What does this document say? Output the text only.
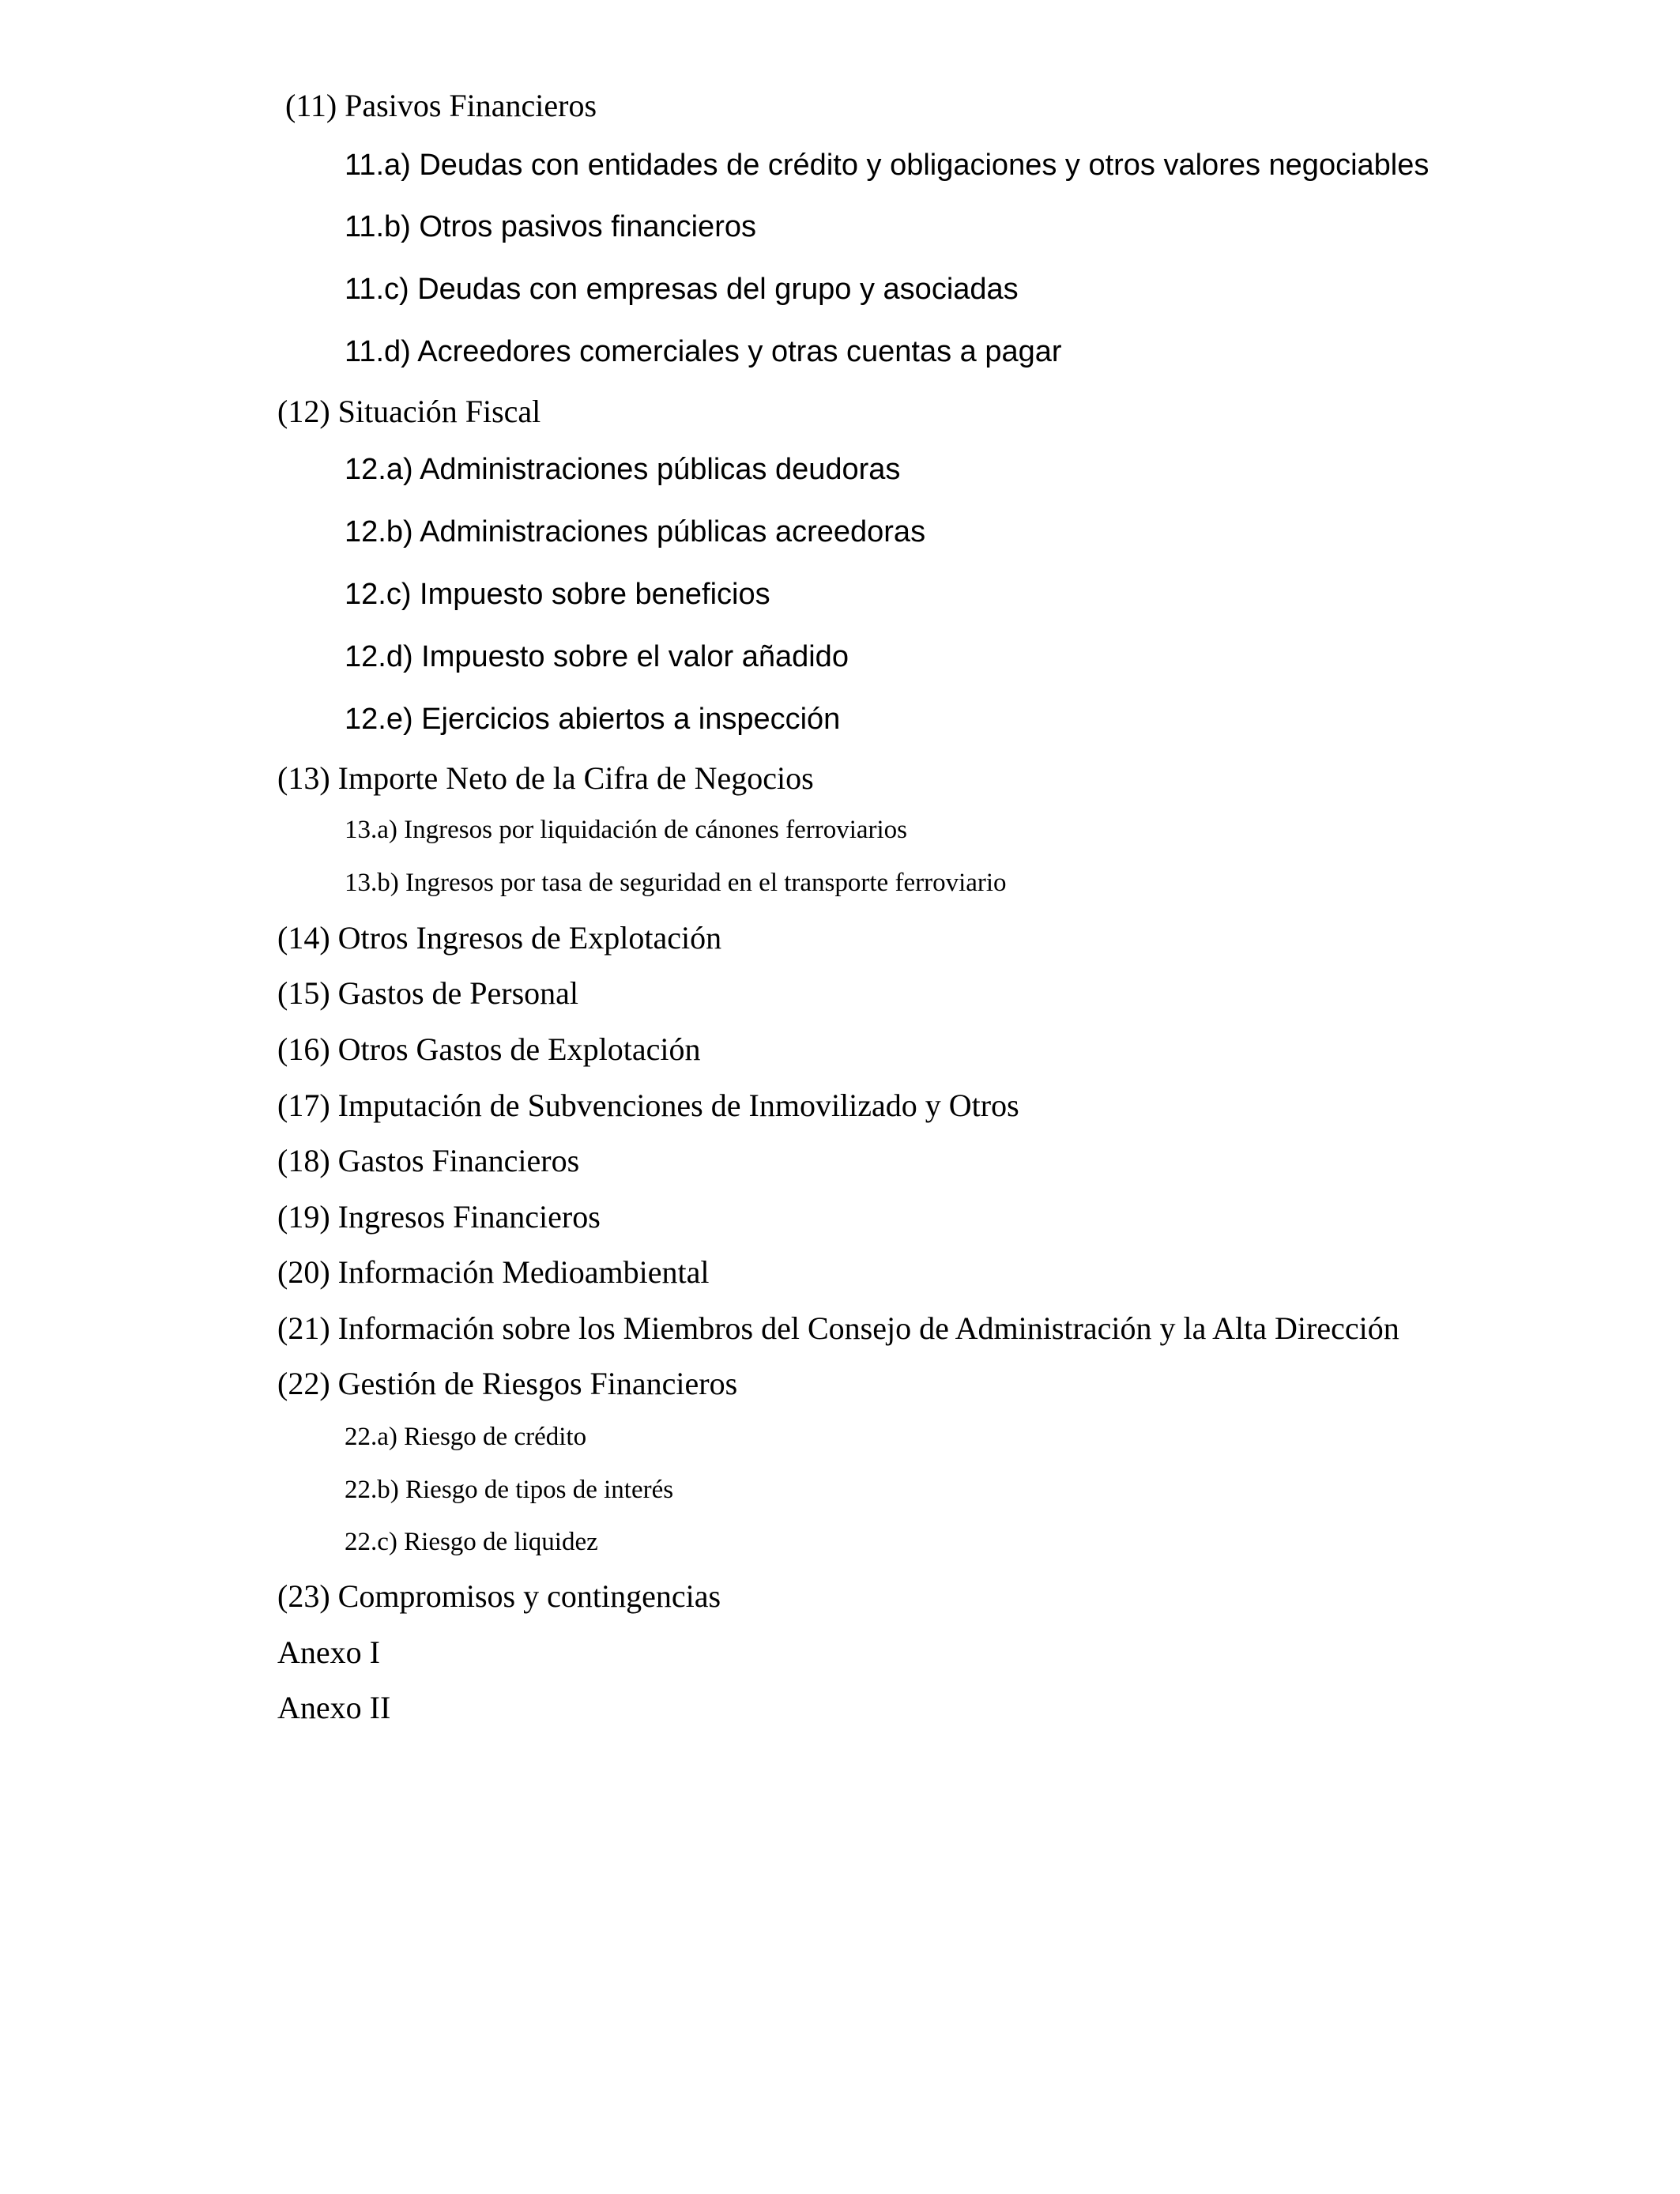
(11) Pasivos Financieros
11.a) Deudas con entidades de crédito y obligaciones y otros valores negociables
11.b) Otros pasivos financieros
11.c) Deudas con empresas del grupo y asociadas
11.d) Acreedores comerciales y otras cuentas a pagar
(12) Situación Fiscal
12.a) Administraciones públicas deudoras
12.b) Administraciones públicas acreedoras
12.c) Impuesto sobre beneficios
12.d) Impuesto sobre el valor añadido
12.e) Ejercicios abiertos a inspección
(13) Importe Neto de la Cifra de Negocios
13.a) Ingresos por liquidación de cánones ferroviarios
13.b) Ingresos por tasa de seguridad en el transporte ferroviario
(14) Otros Ingresos de Explotación
(15) Gastos de Personal
(16) Otros Gastos de Explotación
(17) Imputación de Subvenciones de Inmovilizado y Otros
(18) Gastos Financieros
(19) Ingresos Financieros
(20) Información Medioambiental
(21) Información sobre los Miembros del Consejo de Administración y la Alta Dirección
(22) Gestión de Riesgos Financieros
22.a) Riesgo de crédito
22.b) Riesgo de tipos de interés
22.c) Riesgo de liquidez
(23) Compromisos y contingencias
Anexo I
Anexo II
